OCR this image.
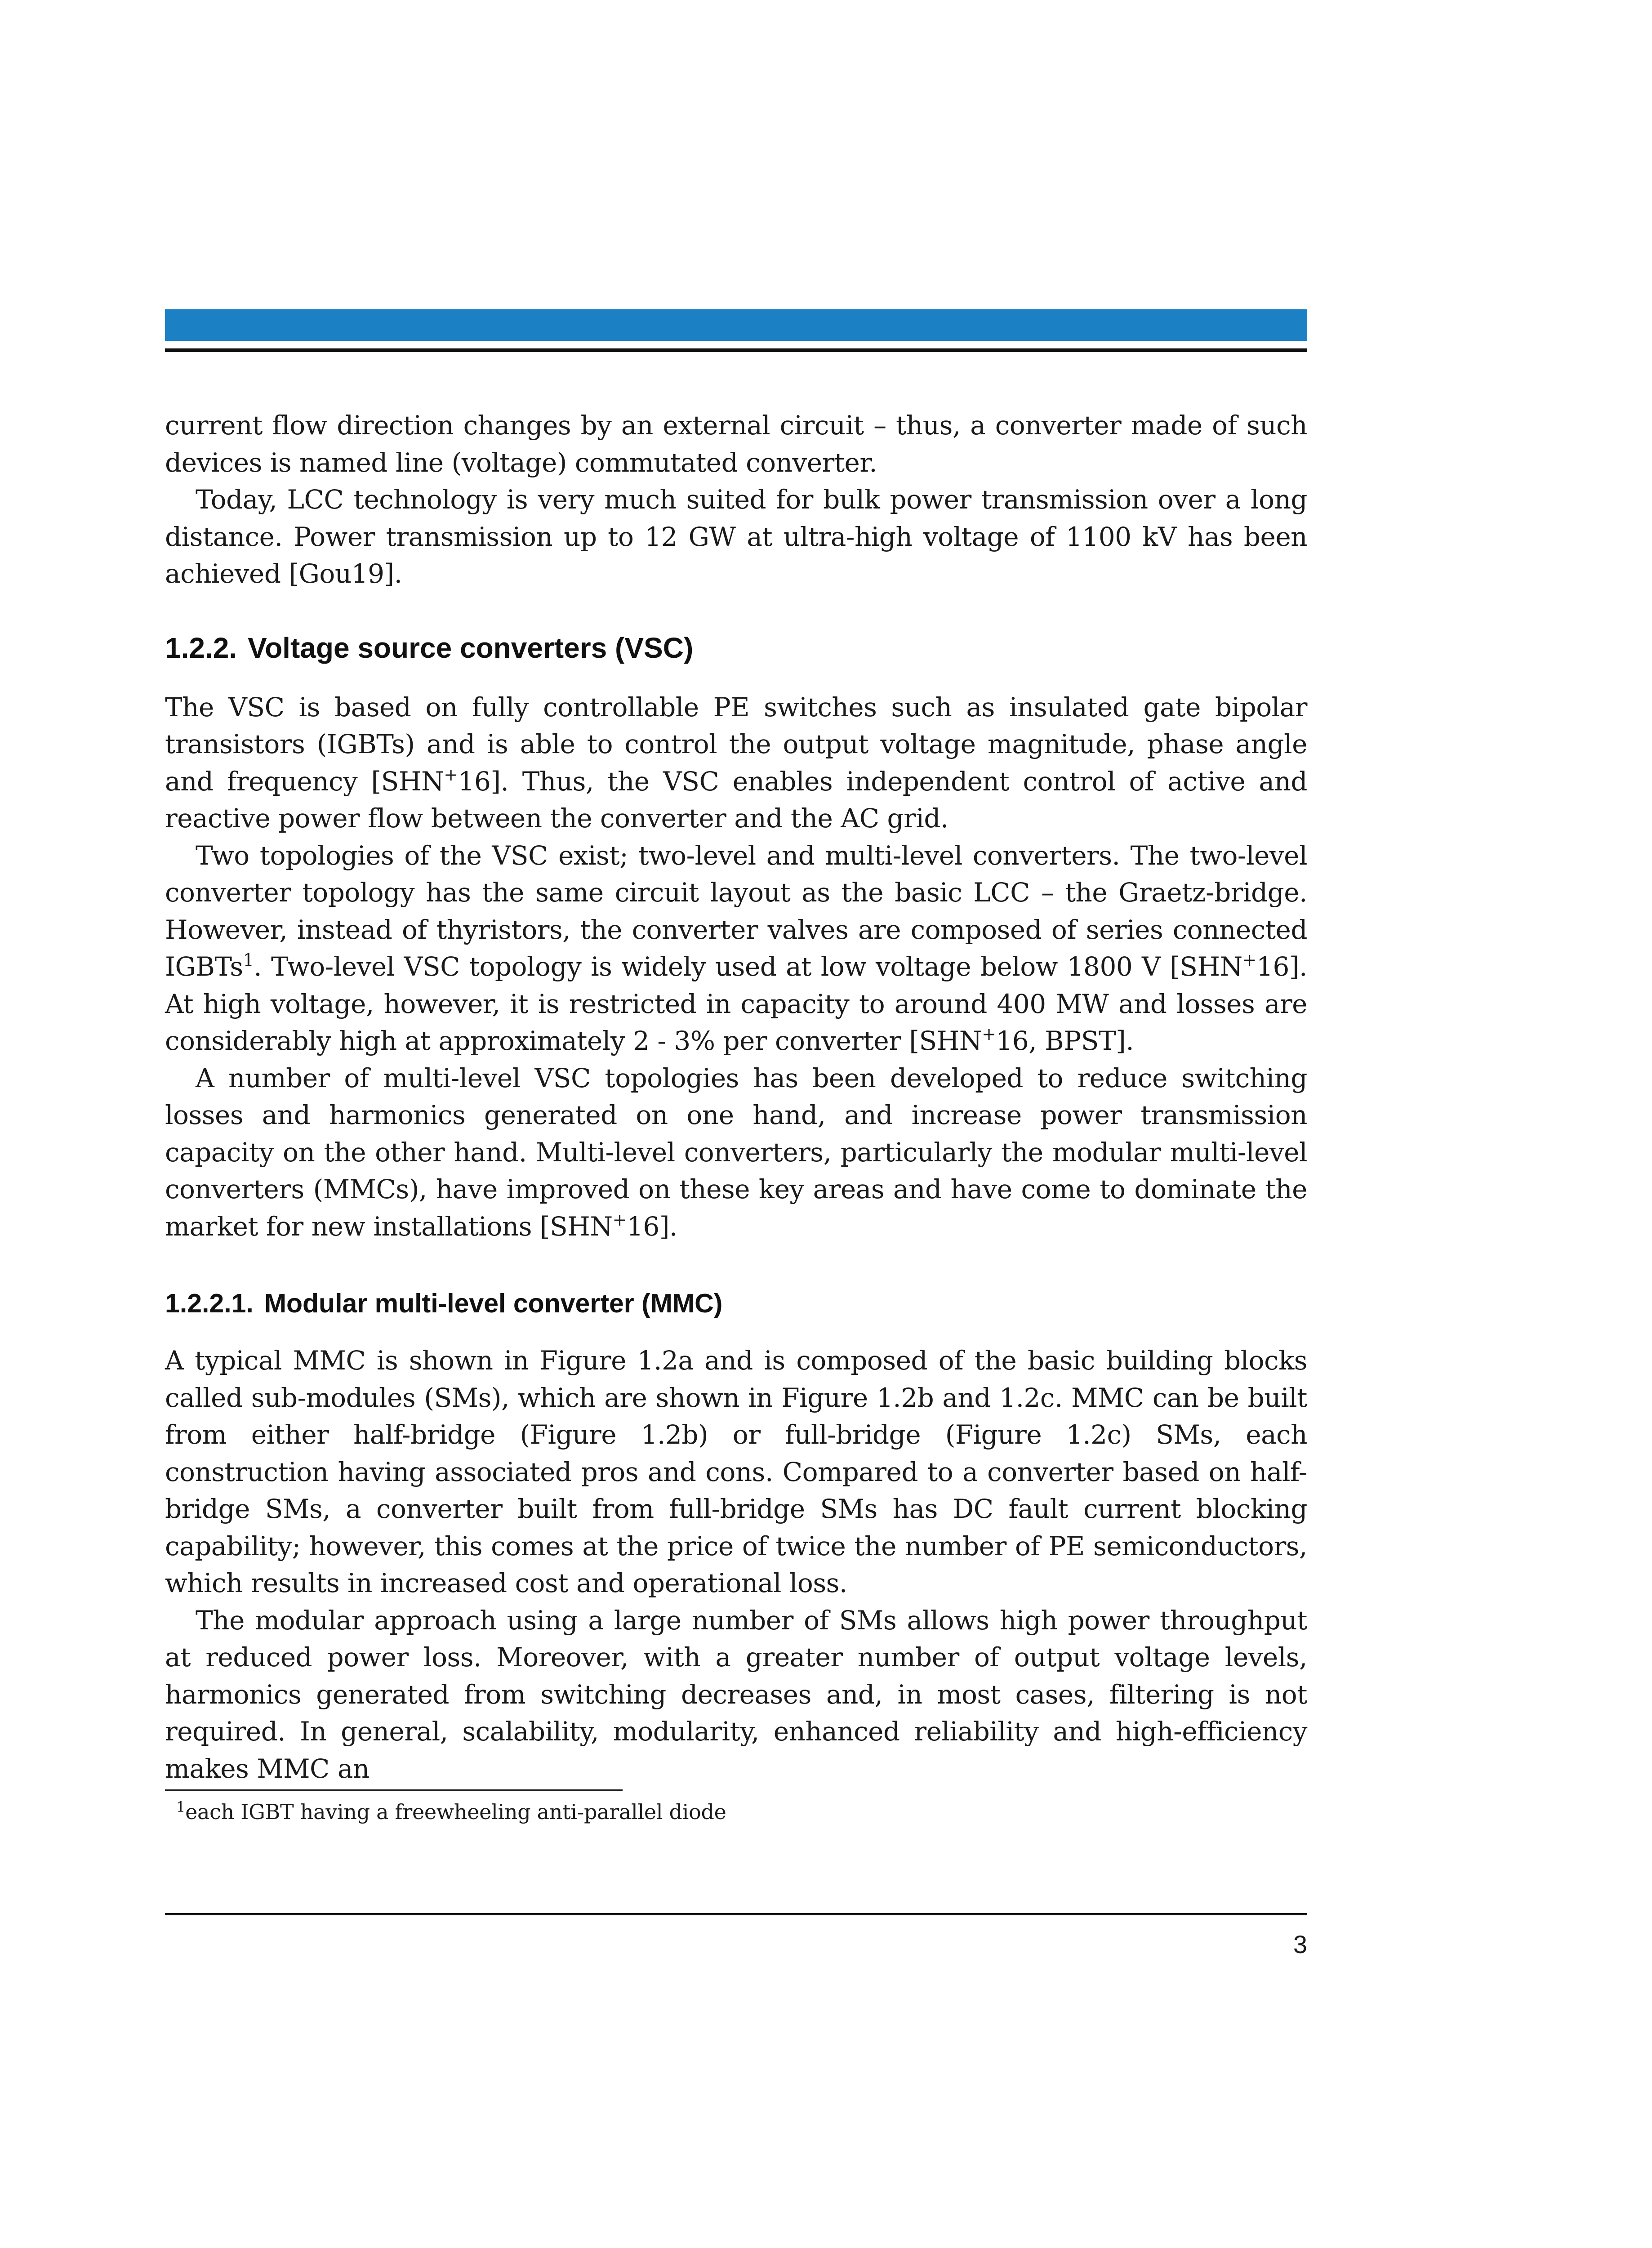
current flow direction changes by an external circuit – thus, a converter made of such devices is named line (voltage) commutated converter.

Today, LCC technology is very much suited for bulk power transmission over a long distance. Power transmission up to 12 GW at ultra-high voltage of 1100 kV has been achieved [Gou19].

1.2.2. Voltage source converters (VSC)

The VSC is based on fully controllable PE switches such as insulated gate bipolar transistors (IGBTs) and is able to control the output voltage magnitude, phase angle and frequency [SHN+16]. Thus, the VSC enables independent control of active and reactive power flow between the converter and the AC grid.

Two topologies of the VSC exist; two-level and multi-level converters. The two-level converter topology has the same circuit layout as the basic LCC – the Graetz-bridge. However, instead of thyristors, the converter valves are composed of series connected IGBTs$^1$. Two-level VSC topology is widely used at low voltage below 1800 V [SHN+16]. At high voltage, however, it is restricted in capacity to around 400 MW and losses are considerably high at approximately 2 - 3% per converter [SHN+16, BPST].

A number of multi-level VSC topologies has been developed to reduce switching losses and harmonics generated on one hand, and increase power transmission capacity on the other hand. Multi-level converters, particularly the modular multi-level converters (MMCs), have improved on these key areas and have come to dominate the market for new installations [SHN+16].

1.2.2.1. Modular multi-level converter (MMC)

A typical MMC is shown in Figure 1.2a and is composed of the basic building blocks called sub-modules (SMs), which are shown in Figure 1.2b and 1.2c. MMC can be built from either half-bridge (Figure 1.2b) or full-bridge (Figure 1.2c) SMs, each construction having associated pros and cons. Compared to a converter based on half-bridge SMs, a converter built from full-bridge SMs has DC fault current blocking capability; however, this comes at the price of twice the number of PE semiconductors, which results in increased cost and operational loss.

The modular approach using a large number of SMs allows high power throughput at reduced power loss. Moreover, with a greater number of output voltage levels, harmonics generated from switching decreases and, in most cases, filtering is not required. In general, scalability, modularity, enhanced reliability and high-efficiency makes MMC an

$^1$each IGBT having a freewheeling anti-parallel diode
3
